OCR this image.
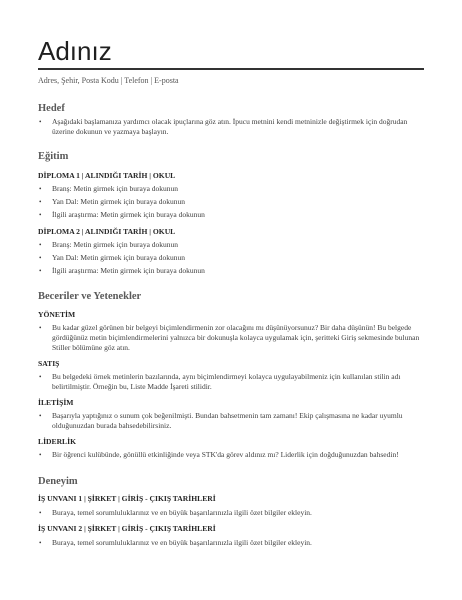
Adınız
Adres, Şehir, Posta Kodu | Telefon | E-posta
Hedef
• Aşağıdaki başlamanıza yardımcı olacak ipuçlarına göz atın. İpucu metnini kendi metninizle değiştirmek için doğrudan üzerine dokunun ve yazmaya başlayın.
Eğitim
DİPLOMA 1 | ALINDIĞI TARİH | OKUL
• Branş: Metin girmek için buraya dokunun
• Yan Dal: Metin girmek için buraya dokunun
• İlgili araştırma: Metin girmek için buraya dokunun
DİPLOMA 2 | ALINDIĞI TARİH | OKUL
• Branş: Metin girmek için buraya dokunun
• Yan Dal: Metin girmek için buraya dokunun
• İlgili araştırma: Metin girmek için buraya dokunun
Beceriler ve Yetenekler
YÖNETİM
• Bu kadar güzel görünen bir belgeyi biçimlendirmenin zor olacağını mı düşünüyorsunuz? Bir daha düşünün! Bu belgede gördüğünüz metin biçimlendirmelerini yalnızca bir dokunuşla kolayca uygulamak için, şeritteki Giriş sekmesinde bulunan Stiller bölümüne göz atın.
SATIŞ
• Bu belgedeki örnek metinlerin bazılarında, aynı biçimlendirmeyi kolayca uygulayabilmeniz için kullanılan stilin adı belirtilmiştir. Örneğin bu, Liste Madde İşareti stilidir.
İLETİŞİM
• Başarıyla yaptığınız o sunum çok beğenilmişti. Bundan bahsetmenin tam zamanı! Ekip çalışmasına ne kadar uyumlu olduğunuzdan burada bahsedebilirsiniz.
LİDERLİK
• Bir öğrenci kulübünde, gönüllü etkinliğinde veya STK'da görev aldınız mı? Liderlik için doğduğunuzdan bahsedin!
Deneyim
İŞ UNVANI 1 | ŞİRKET | GİRİŞ - ÇIKIŞ TARİHLERİ
• Buraya, temel sorumluluklarınız ve en büyük başarılarınızla ilgili özet bilgiler ekleyin.
İŞ UNVANI 2 | ŞİRKET | GİRİŞ - ÇIKIŞ TARİHLERİ
• Buraya, temel sorumluluklarınız ve en büyük başarılarınızla ilgili özet bilgiler ekleyin.
